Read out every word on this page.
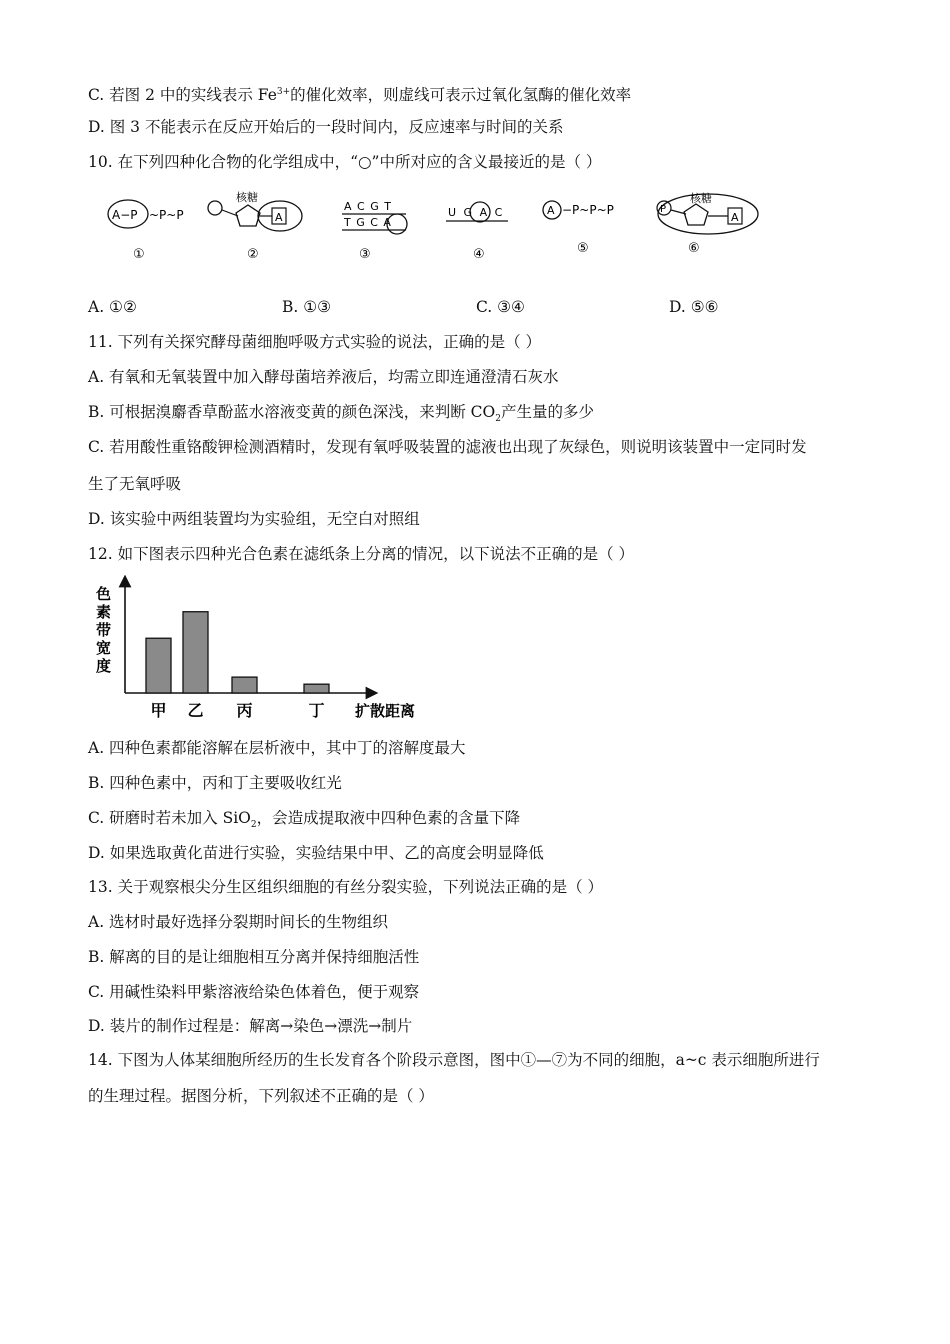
C. 若图 2 中的实线表示 $Fe^{3+}$的催化效率，则虚线可表示过氧化氢酶的催化效率
D. 图 3 不能表示在反应开始后的一段时间内，反应速率与时间的关系
10. 在下列四种化合物的化学组成中，“○”中所对应的含义最接近的是（ ）
A−P ~P~P	A
核糖
A C G T
T G C A
U G A C	A −P~P~P	P
核糖
A
①	②	③	④	⑤	⑥
A. ①②	B. ①③	C. ③④	D. ⑤⑥
11. 下列有关探究酵母菌细胞呼吸方式实验的说法，正确的是（ ）
A. 有氧和无氧装置中加入酵母菌培养液后，均需立即连通澄清石灰水
B. 可根据溴麝香草酚蓝水溶液变黄的颜色深浅，来判断 $CO_2$产生量的多少
C. 若用酸性重铬酸钾检测酒精时，发现有氧呼吸装置的滤液也出现了灰绿色，则说明该装置中一定同时发
生了无氧呼吸
D. 该实验中两组装置均为实验组，无空白对照组
12. 如下图表示四种光合色素在滤纸条上分离的情况，以下说法不正确的是（ ）
色
素
带
宽
度
甲 乙 丙	丁 扩散距离
A. 四种色素都能溶解在层析液中，其中丁的溶解度最大
B. 四种色素中，丙和丁主要吸收红光
C. 研磨时若未加入 SiO$_2$，会造成提取液中四种色素的含量下降
D. 如果选取黄化苗进行实验，实验结果中甲、乙的高度会明显降低
13. 关于观察根尖分生区组织细胞的有丝分裂实验，下列说法正确的是（ ）
A. 选材时最好选择分裂期时间长的生物组织
B. 解离的目的是让细胞相互分离并保持细胞活性
C. 用碱性染料甲紫溶液给染色体着色，便于观察
D. 装片的制作过程是：解离→染色→漂洗→制片
14. 下图为人体某细胞所经历的生长发育各个阶段示意图，图中①—⑦为不同的细胞，a~c 表示细胞所进行
的生理过程。据图分析，下列叙述不正确的是（ ）
